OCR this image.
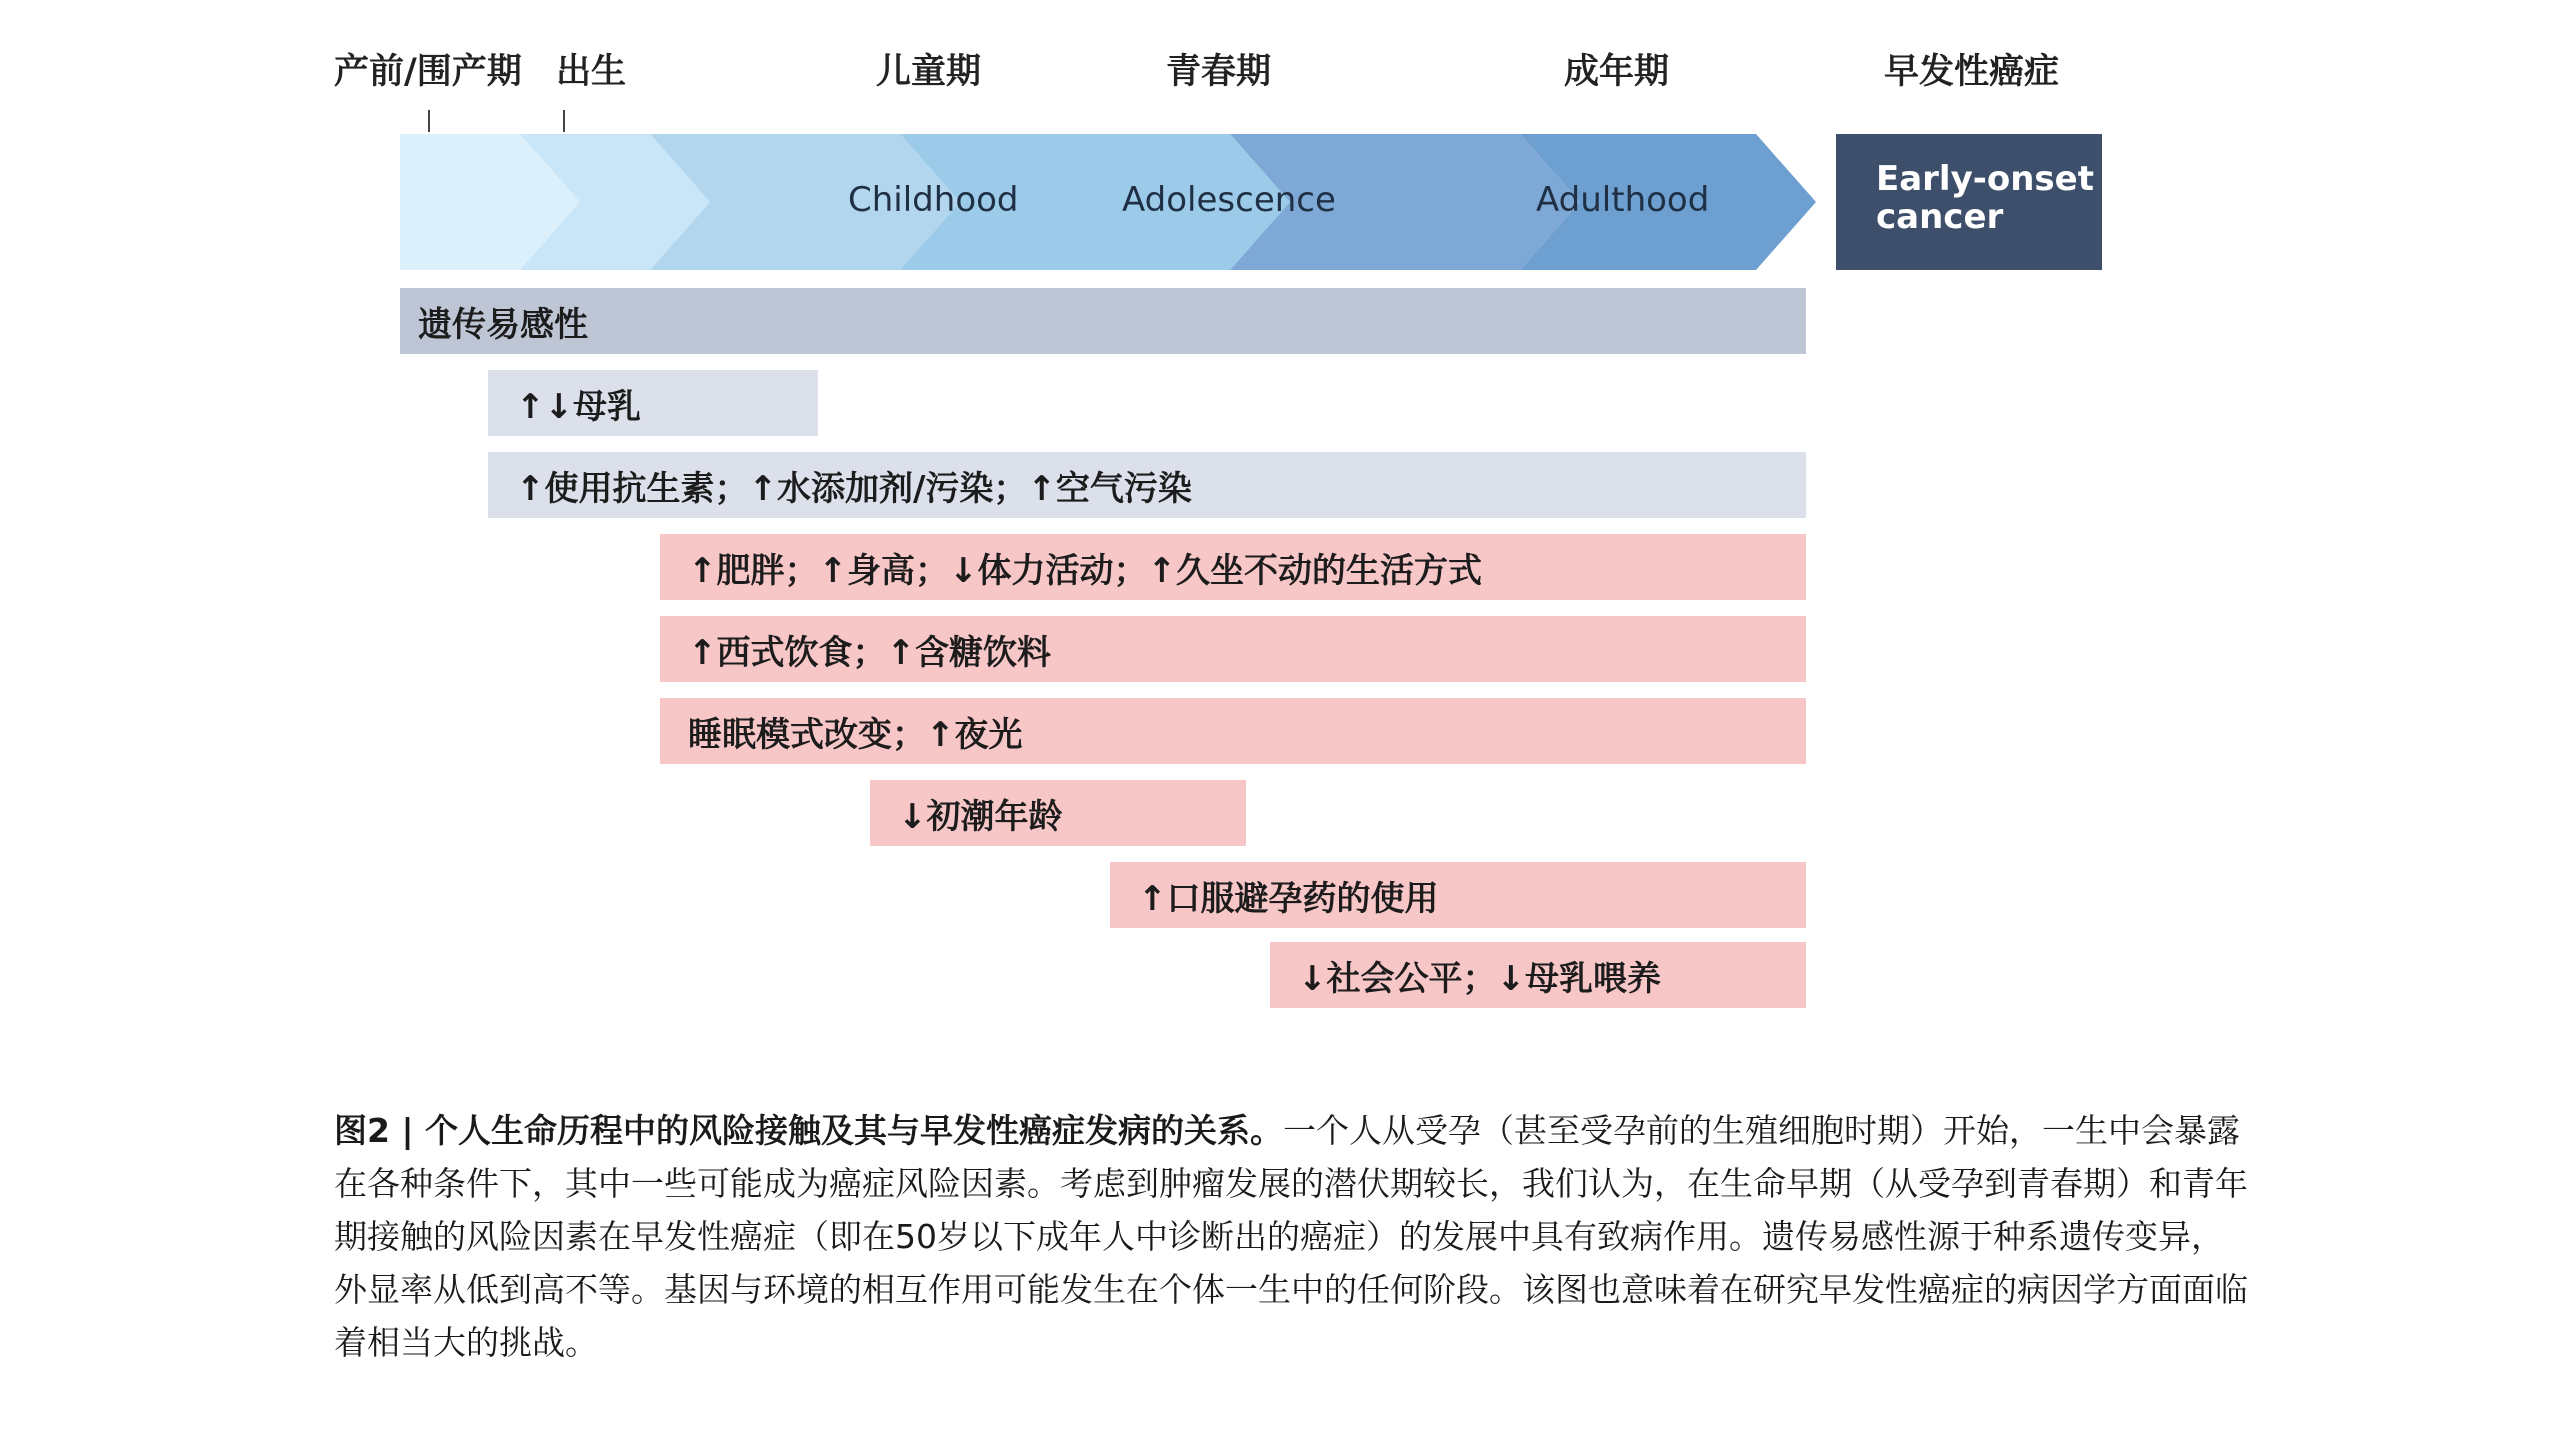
产前/围产期 出生	儿童期	青春期	成年期	早发性癌症
Childhood	Adolescence	Adulthood
Early-onset
cancer
遗传易感性
↑↓母乳
↑使用抗生素；↑水添加剂/污染；↑空气污染
↑肥胖；↑身高；↓体力活动；↑久坐不动的生活方式
↑西式饮食；↑含糖饮料
睡眠模式改变；↑夜光
↓初潮年龄
↑口服避孕药的使用
↓社会公平；↓母乳喂养
图2 | 个人生命历程中的风险接触及其与早发性癌症发病的关系。一个人从受孕（甚至受孕前的生殖细胞时期）开始，一生中会暴露在各种条件下，其中一些可能成为癌症风险因素。考虑到肿瘤发展的潜伏期较长，我们认为，在生命早期（从受孕到青春期）和青年期接触的风险因素在早发性癌症（即在50岁以下成年人中诊断出的癌症）的发展中具有致病作用。遗传易感性源于种系遗传变异，外显率从低到高不等。基因与环境的相互作用可能发生在个体一生中的任何阶段。该图也意味着在研究早发性癌症的病因学方面面临着相当大的挑战。
